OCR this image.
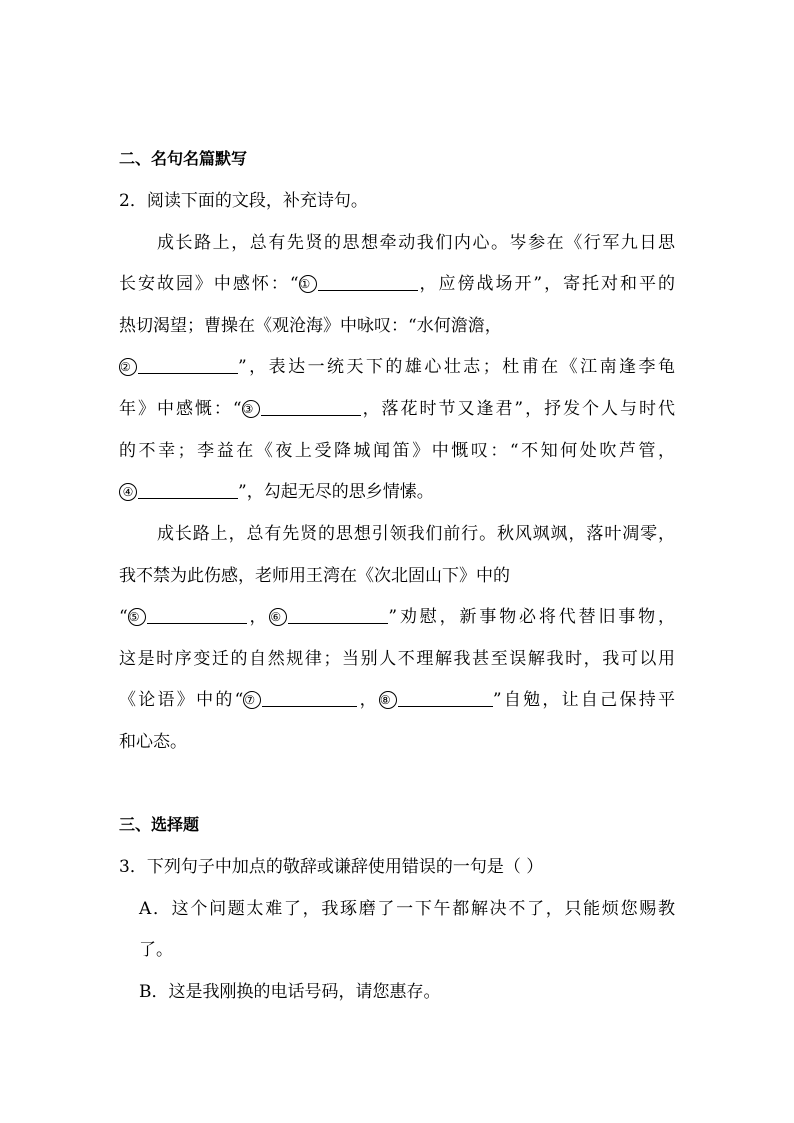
二、名句名篇默写
2．阅读下面的文段，补充诗句。
成长路上，总有先贤的思想牵动我们内心。岑参在《行军九日思
长安故园》中感怀：“①	，应傍战场开”，寄托对和平的
热切渴望；曹操在《观沧海》中咏叹：“水何澹澹，
②	”，表达一统天下的雄心壮志；杜甫在《江南逢李龟
年》中感慨：“③	，落花时节又逢君”，抒发个人与时代
的不幸；李益在《夜上受降城闻笛》中慨叹：“不知何处吹芦管，
④	”，勾起无尽的思乡情愫。
成长路上，总有先贤的思想引领我们前行。秋风飒飒，落叶凋零，
我不禁为此伤感，老师用王湾在《次北固山下》中的
“⑤	，⑥	”劝慰，新事物必将代替旧事物，
这是时序变迁的自然规律；当别人不理解我甚至误解我时，我可以用
《论语》中的“⑦	，⑧	”自勉，让自己保持平
和心态。
三、选择题
3．下列句子中加点的敬辞或谦辞使用错误的一句是（ ）
A．这个问题太难了，我琢磨了一下午都解决不了，只能烦您赐教
了。
B．这是我刚换的电话号码，请您惠存。
